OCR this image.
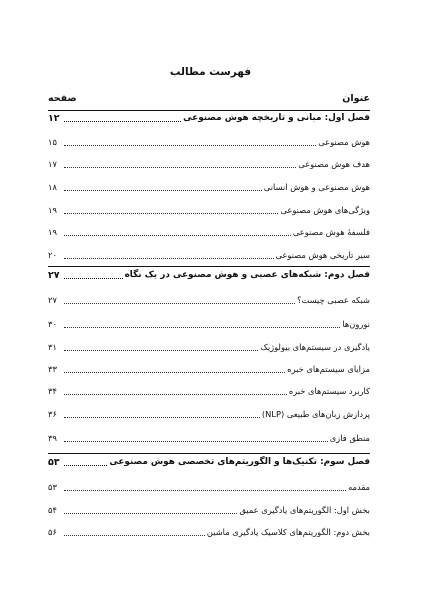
فهرست مطالب
عنوان
صفحه
فصل اول: مبانی و تاریخچه هوش مصنوعی
۱۲
هوش مصنوعی
۱۵
هدف هوش مصنوعی
۱۷
هوش مصنوعی و هوش انسانی
۱۸
ویژگی‌های هوش مصنوعی
۱۹
فلسفۀ هوش مصنوعی
۱۹
سیر تاریخی هوش مصنوعی
۲۰
فصل دوم: شبکه‌های عصبی و هوش مصنوعی در یک نگاه
۲۷
شبکه عصبی چیست؟
۲۷
نورون‌ها
۳۰
یادگیری در سیستم‌های بیولوژیک
۳۱
مزایای سیستم‌های خبره
۳۳
کاربرد سیستم‌های خبره
۳۴
پردازش زبان‌های طبیعی (NLP)
۳۶
منطق فازی
۳۹
فصل سوم: تکنیک‌ها و الگوریتم‌های تخصصی هوش مصنوعی
۵۳
مقدمه
۵۳
بخش اول: الگوریتم‌های یادگیری عمیق
۵۴
بخش دوم: الگوریتم‌های کلاسیک یادگیری ماشین
۵۶
